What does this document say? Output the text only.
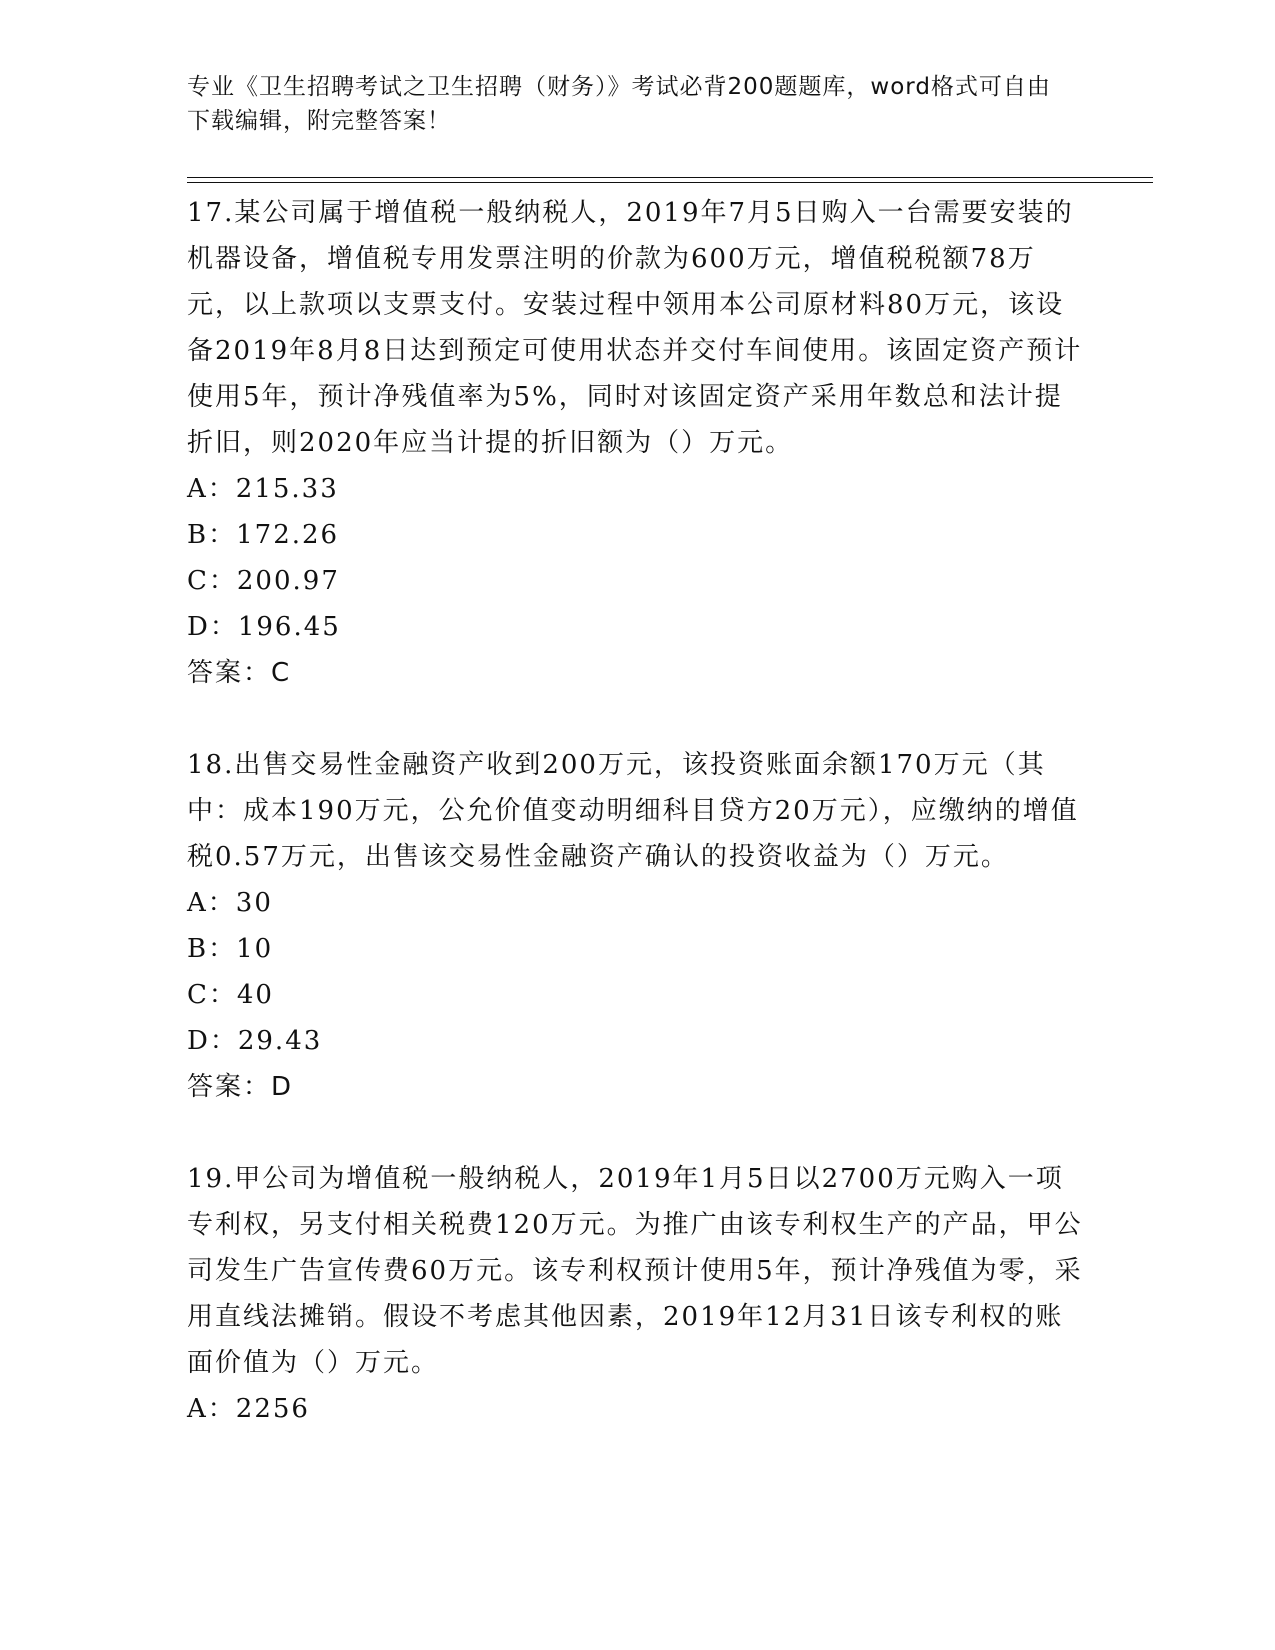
专业《卫生招聘考试之卫生招聘（财务）》考试必背200题题库，word格式可自由下载编辑，附完整答案！

17.某公司属于增值税一般纳税人，2019年7月5日购入一台需要安装的机器设备，增值税专用发票注明的价款为600万元，增值税税额78万元，以上款项以支票支付。安装过程中领用本公司原材料80万元，该设备2019年8月8日达到预定可使用状态并交付车间使用。该固定资产预计使用5年，预计净残值率为5%，同时对该固定资产采用年数总和法计提折旧，则2020年应当计提的折旧额为（）万元。

A：215.33

B：172.26

C：200.97

D：196.45

答案：C

18.出售交易性金融资产收到200万元，该投资账面余额170万元（其中：成本190万元，公允价值变动明细科目贷方20万元），应缴纳的增值税0.57万元，出售该交易性金融资产确认的投资收益为（）万元。

A：30

B：10

C：40

D：29.43

答案：D

19.甲公司为增值税一般纳税人，2019年1月5日以2700万元购入一项专利权，另支付相关税费120万元。为推广由该专利权生产的产品，甲公司发生广告宣传费60万元。该专利权预计使用5年，预计净残值为零，采用直线法摊销。假设不考虑其他因素，2019年12月31日该专利权的账面价值为（）万元。

A：2256
